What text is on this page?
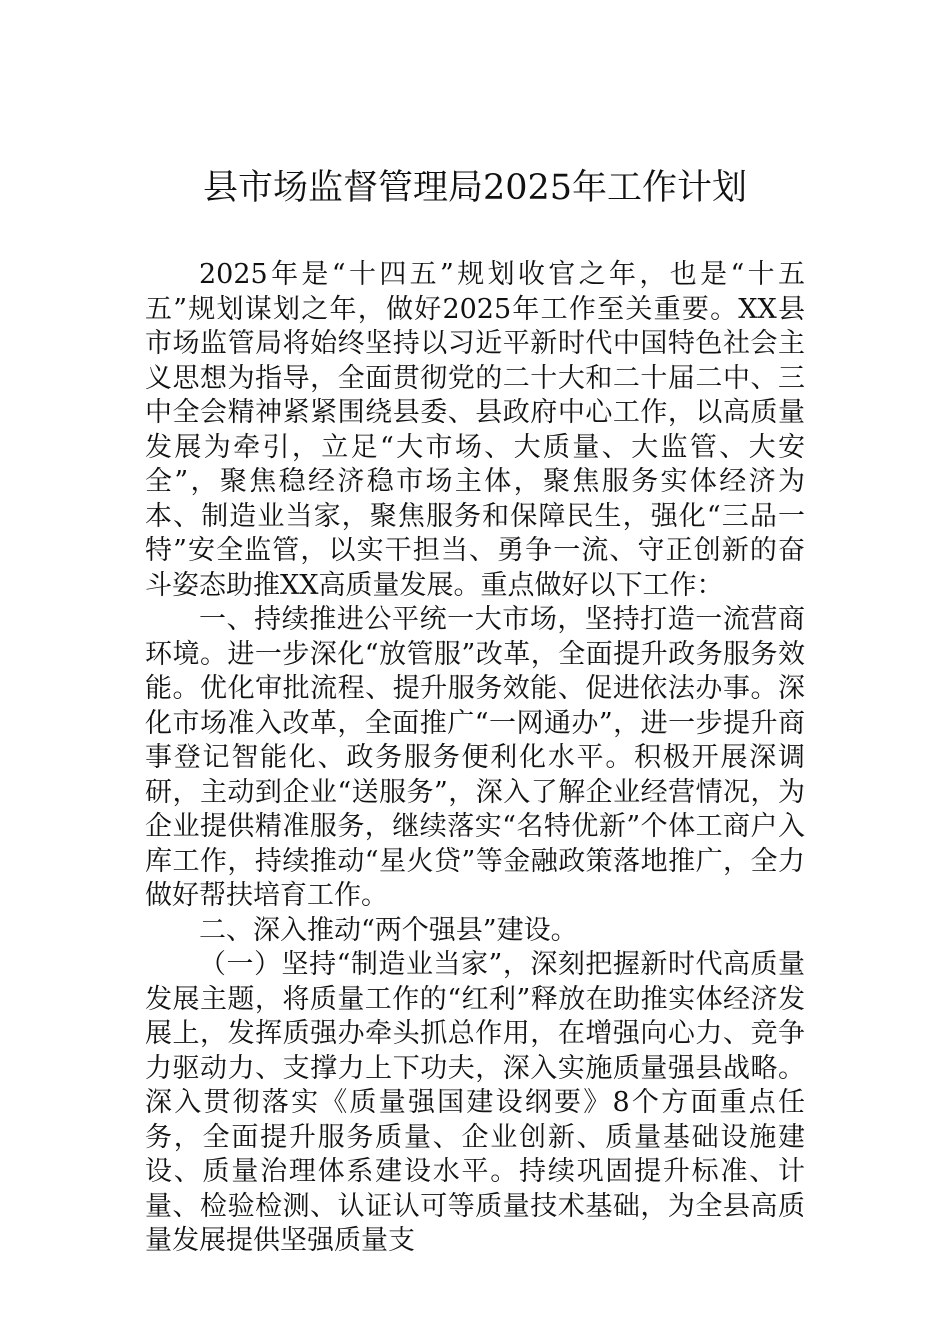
县市场监督管理局2025年工作计划

2025年是“十四五”规划收官之年，也是“十五五”规划谋划之年，做好2025年工作至关重要。XX县市场监管局将始终坚持以习近平新时代中国特色社会主义思想为指导，全面贯彻党的二十大和二十届二中、三中全会精神紧紧围绕县委、县政府中心工作，以高质量发展为牵引，立足“大市场、大质量、大监管、大安全”，聚焦稳经济稳市场主体，聚焦服务实体经济为本、制造业当家，聚焦服务和保障民生，强化“三品一特”安全监管，以实干担当、勇争一流、守正创新的奋斗姿态助推XX高质量发展。重点做好以下工作：

一、持续推进公平统一大市场，坚持打造一流营商环境。进一步深化“放管服”改革，全面提升政务服务效能。优化审批流程、提升服务效能、促进依法办事。深化市场准入改革，全面推广“一网通办”，进一步提升商事登记智能化、政务服务便利化水平。积极开展深调研，主动到企业“送服务”，深入了解企业经营情况，为企业提供精准服务，继续落实“名特优新”个体工商户入库工作，持续推动“星火贷”等金融政策落地推广，全力做好帮扶培育工作。

二、深入推动“两个强县”建设。

（一）坚持“制造业当家”，深刻把握新时代高质量发展主题，将质量工作的“红利”释放在助推实体经济发展上，发挥质强办牵头抓总作用，在增强向心力、竞争力驱动力、支撑力上下功夫，深入实施质量强县战略。深入贯彻落实《质量强国建设纲要》8个方面重点任务，全面提升服务质量、企业创新、质量基础设施建设、质量治理体系建设水平。持续巩固提升标准、计量、检验检测、认证认可等质量技术基础，为全县高质量发展提供坚强质量支
